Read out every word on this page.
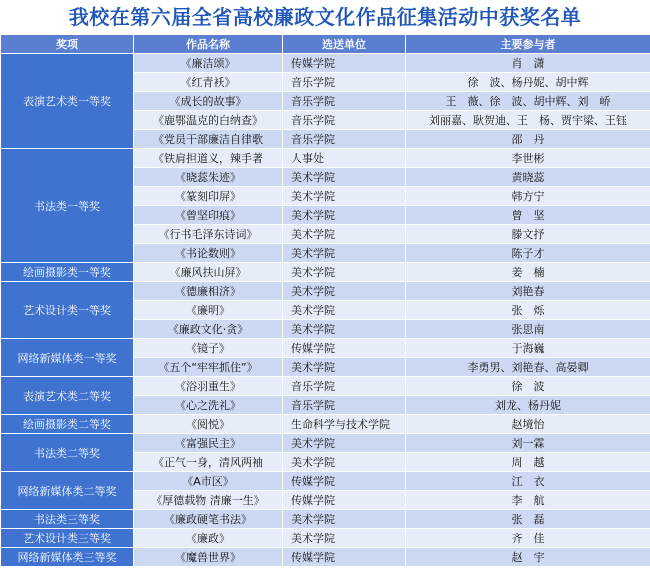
我校在第六届全省高校廉政文化作品征集活动中获奖名单
奖项	作品名称	选送单位	主要参与者
表演艺术类一等奖	《廉洁颂》	传媒学院	肖　潇
	《红青袄》	音乐学院	徐　波、杨丹妮、胡中辉
	《成长的故事》	音乐学院	王　薇、徐　波、胡中辉、刘　峤
	《鹿鄂温克的白纳查》	音乐学院	刘丽嘉、耿贺迪、王　杨、贾宇梁、王钰
	《党员干部廉洁自律歌	音乐学院	邵　丹
书法类一等奖	《铁肩担道义，辣手著	人事处	李世彬
	《晓蕊朱迹》	美术学院	黄晓蕊
	《篆刻印屏》	美术学院	韩方宁
	《曾坚印痕》	美术学院	曾　坚
	《行书毛泽东诗词》	美术学院	滕文抒
	《书论数则》	美术学院	陈子才
绘画摄影类一等奖	《廉风扶山屏》	美术学院	姜　楠
艺术设计类一等奖	《德廉相济》	美术学院	刘艳春
	《廉明》	美术学院	张　烁
	《廉政文化·贪》	美术学院	张思南
网络新媒体类一等奖	《镜子》	传媒学院	于海巍
	《五个“牢牢抓住”》	美术学院	李勇男、刘艳春、高晏卿
表演艺术类二等奖	《浴羽重生》	音乐学院	徐　波
	《心之洗礼》	音乐学院	刘龙、杨丹妮
绘画摄影类二等奖	《阅悦》	生命科学与技术学院	赵境怡
书法类二等奖	《富强民主》	美术学院	刘一霖
	《正气一身，清风两袖	美术学院	周　越
网络新媒体类二等奖	《A市区》	传媒学院	江　衣
	《厚德载物 清廉一生》	传媒学院	李　航
书法类三等奖	《廉政硬笔书法》	美术学院	张　磊
艺术设计类三等奖	《廉政》	美术学院	齐　佳
网络新媒体类三等奖	《魔兽世界》	传媒学院	赵　宇
